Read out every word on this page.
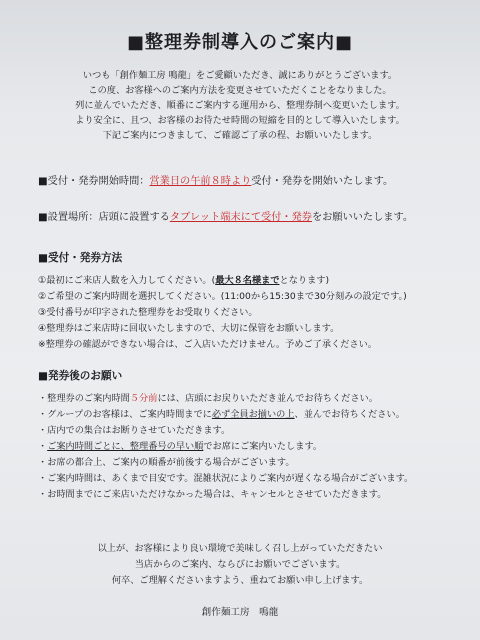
■整理券制導入のご案内■
いつも「創作麺工房 鳴龍」をご愛顧いただき、誠にありがとうございます。
この度、お客様へのご案内方法を変更させていただくことをなりました。
列に並んでいただき、順番にご案内する運用から、整理券制へ変更いたします。
より安全に、且つ、お客様のお待たせ時間の短縮を目的として導入いたします。
下記ご案内につきまして、ご確認ご了承の程、お願いいたします。
■受付・発券開始時間：営業日の午前８時より受付・発券を開始いたします。
■設置場所：店頭に設置するタブレット端末にて受付・発券をお願いいたします。
■受付・発券方法
①最初にご来店人数を入力してください。(最大８名様までとなります)
②ご希望のご案内時間を選択してください。(11:00から15:30まで30分刻みの設定です。)
③受付番号が印字された整理券をお受取りください。
④整理券はご来店時に回収いたしますので、大切に保管をお願いします。
※整理券の確認ができない場合は、ご入店いただけません。予めご了承ください。
■発券後のお願い
・整理券のご案内時間５分前には、店頭にお戻りいただき並んでお待ちください。
・グループのお客様は、ご案内時間までに必ず全員お揃いの上、並んでお待ちください。
・店内での集合はお断りさせていただきます。
・ご案内時間ごとに、整理番号の早い順でお席にご案内いたします。
・お席の都合上、ご案内の順番が前後する場合がございます。
・ご案内時間は、あくまで目安です。混雑状況によりご案内が遅くなる場合がございます。
・お時間までにご来店いただけなかった場合は、キャンセルとさせていただきます。
以上が、お客様により良い環境で美味しく召し上がっていただきたい
当店からのご案内、ならびにお願いでございます。
何卒、ご理解くださいますよう、重ねてお願い申し上げます。
創作麺工房　鳴龍
